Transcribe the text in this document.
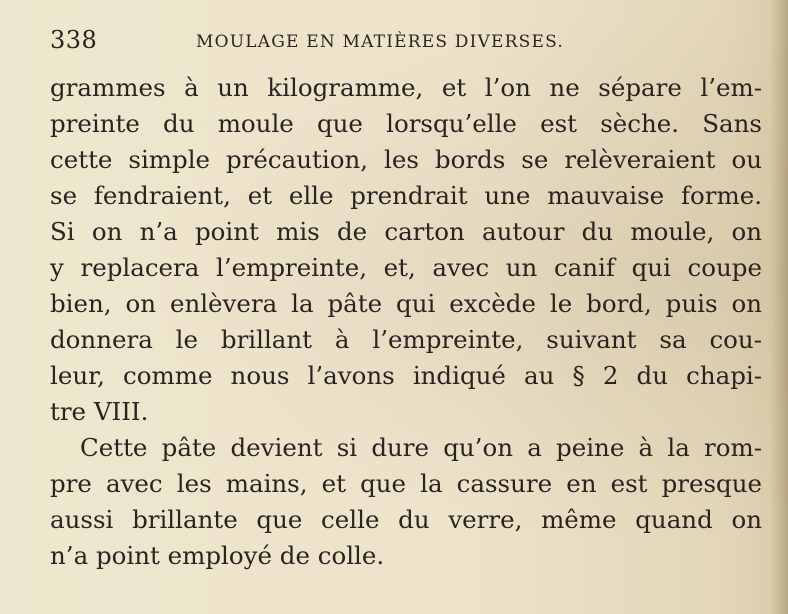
338	MOULAGE EN MATIÈRES DIVERSES.
grammes à un kilogramme, et l’on ne sépare l’em-
preinte du moule que lorsqu’elle est sèche. Sans
cette simple précaution, les bords se relèveraient ou
se fendraient, et elle prendrait une mauvaise forme.
Si on n’a point mis de carton autour du moule, on
y replacera l’empreinte, et, avec un canif qui coupe
bien, on enlèvera la pâte qui excède le bord, puis on
donnera le brillant à l’empreinte, suivant sa cou-
leur, comme nous l’avons indiqué au § 2 du chapi-
tre VIII.
Cette pâte devient si dure qu’on a peine à la rom-
pre avec les mains, et que la cassure en est presque
aussi brillante que celle du verre, même quand on
n’a point employé de colle.
